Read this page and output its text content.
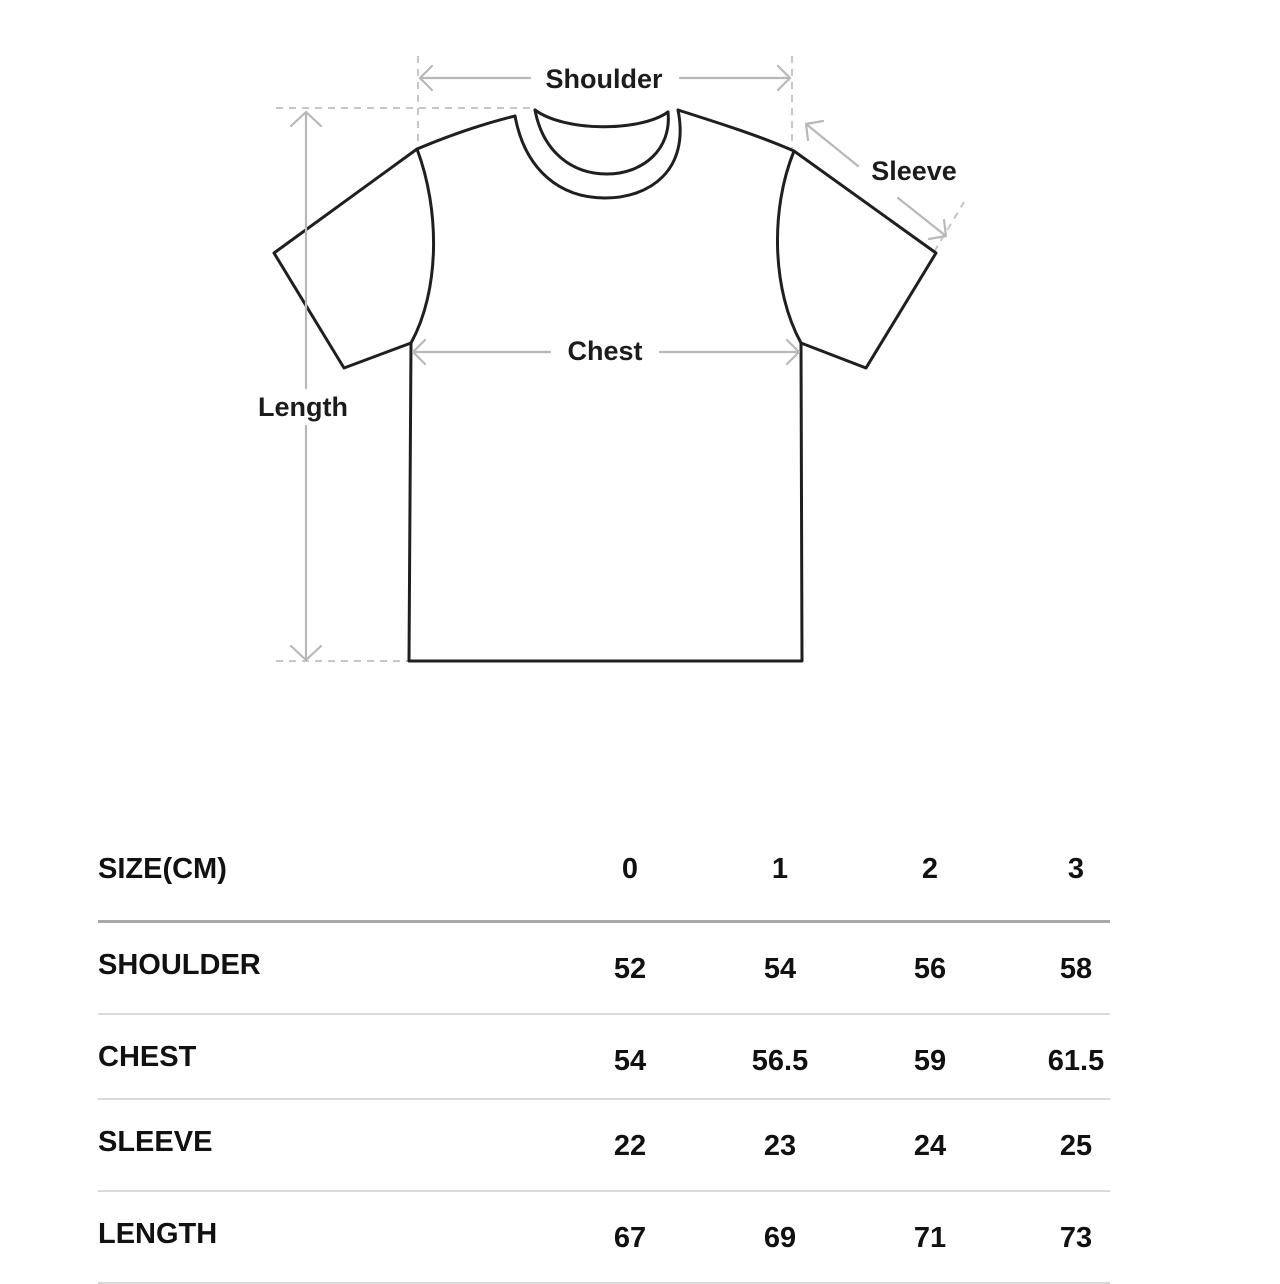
Shoulder
Sleeve
Chest
Length
SIZE(CM)	0	1	2	3
SHOULDER	52	54	56	58
CHEST	54	56.5	59	61.5
SLEEVE	22	23	24	25
LENGTH	67	69	71	73
